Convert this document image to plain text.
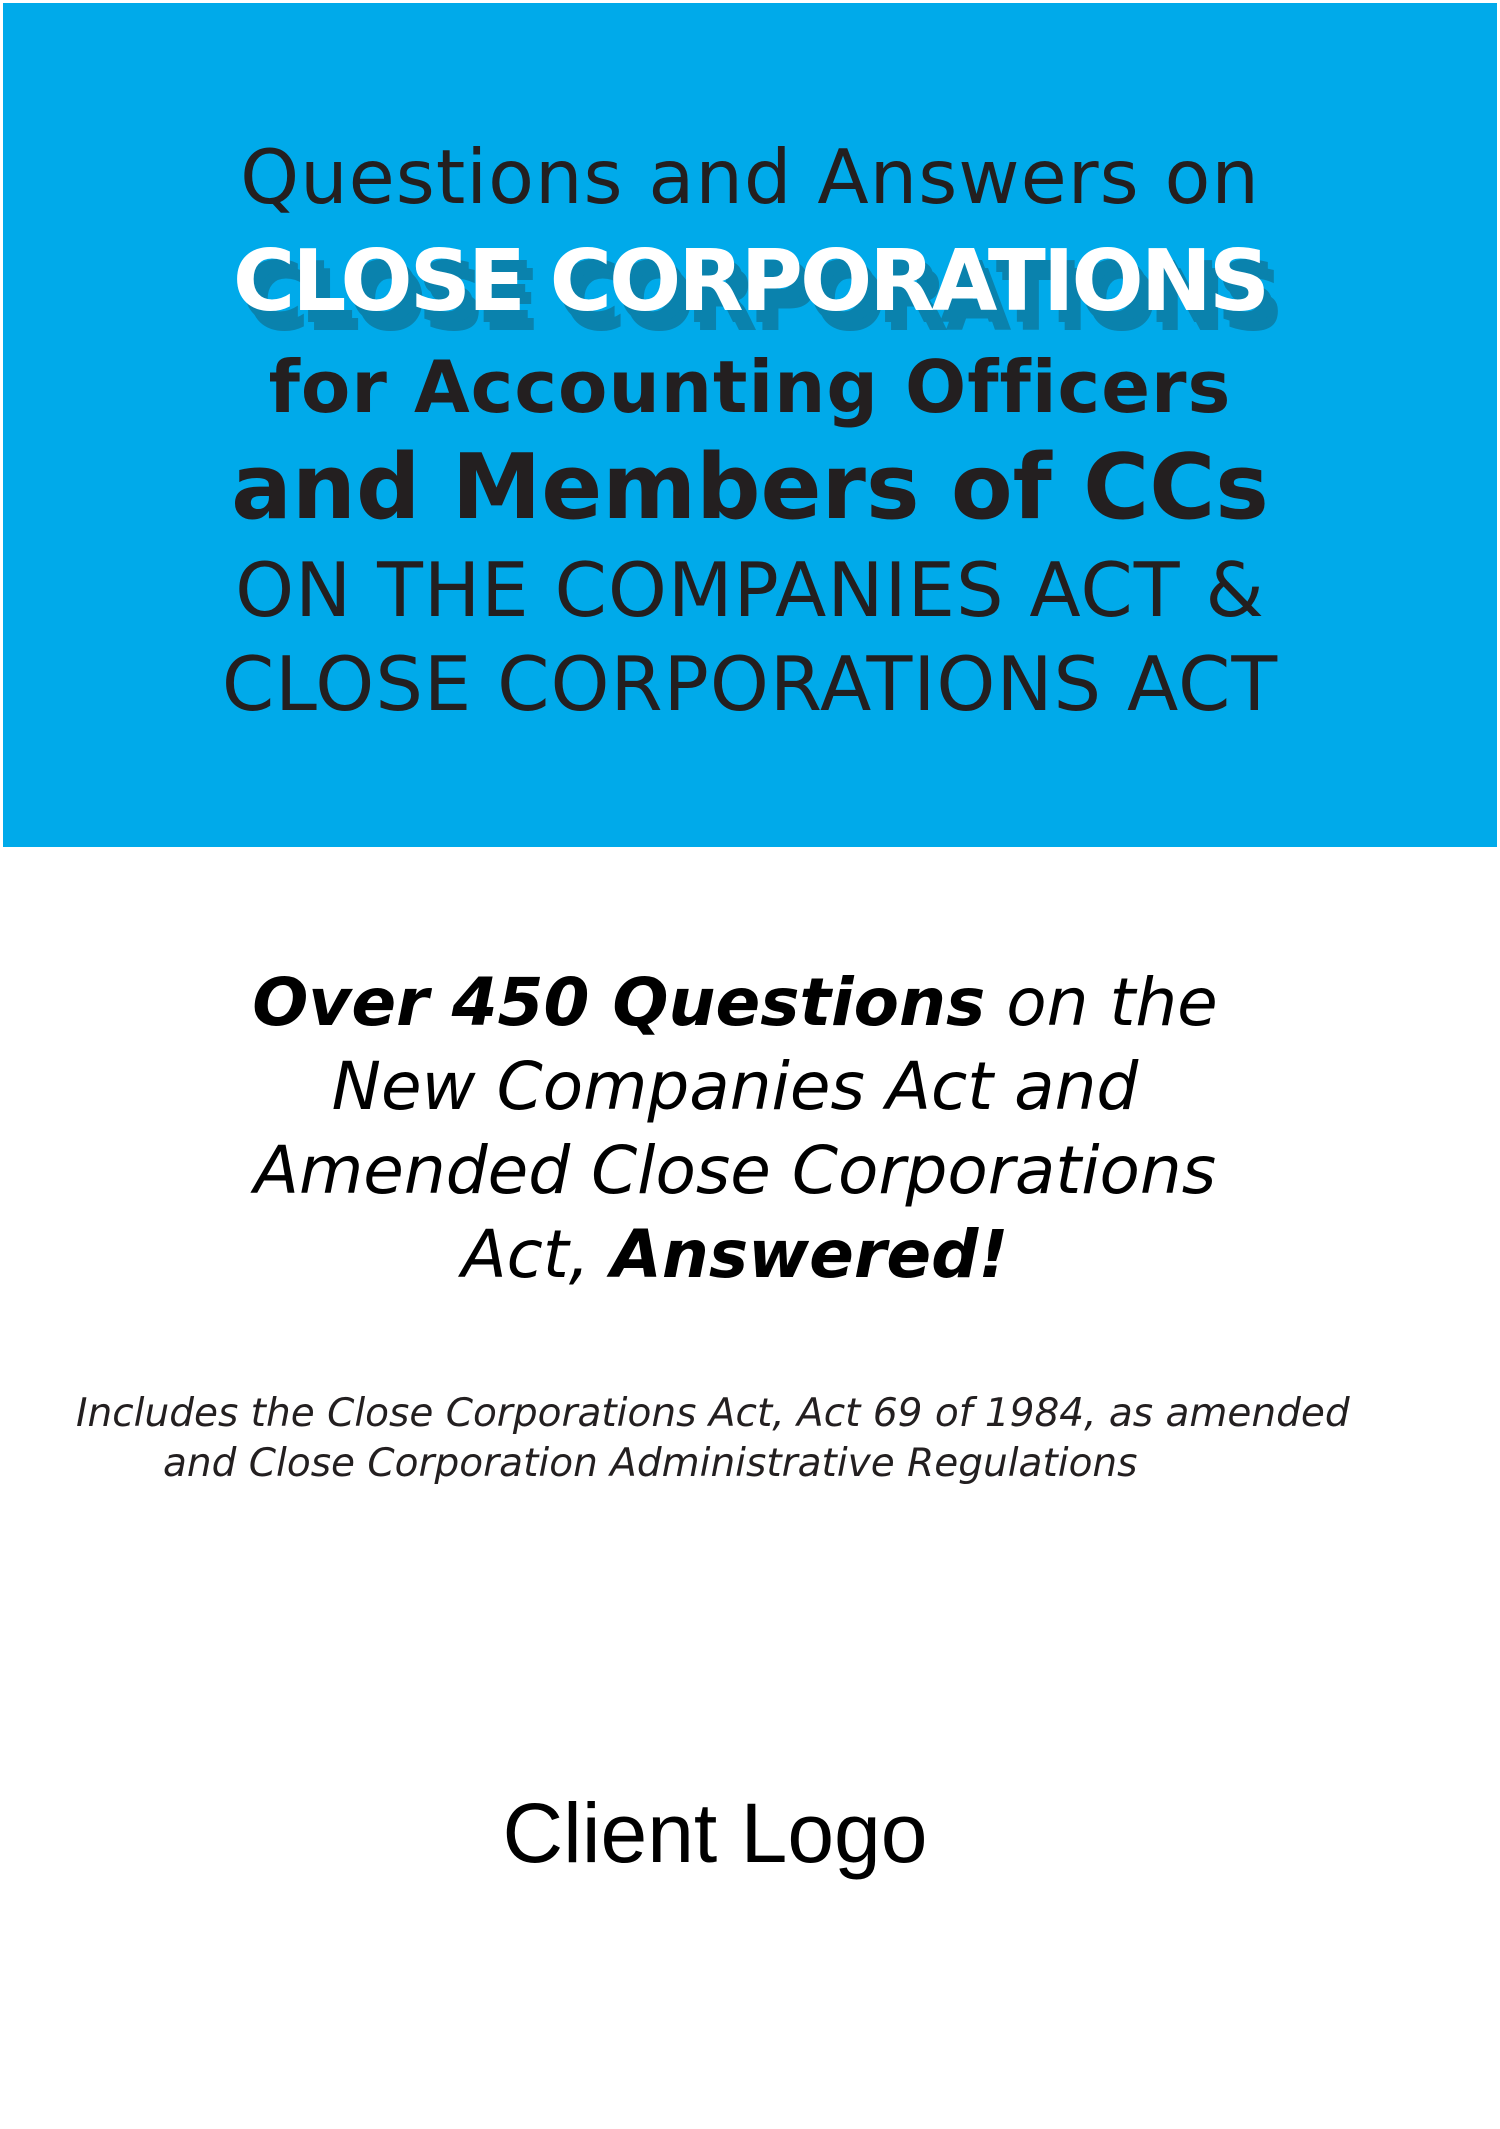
Questions and Answers on
CLOSE CORPORATIONS
for Accounting Officers
and Members of CCs
ON THE COMPANIES ACT &
CLOSE CORPORATIONS ACT
Over 450 Questions on the
New Companies Act and
Amended Close Corporations
Act, Answered!
Includes the Close Corporations Act, Act 69 of 1984, as amended
and Close Corporation Administrative Regulations
Client Logo
